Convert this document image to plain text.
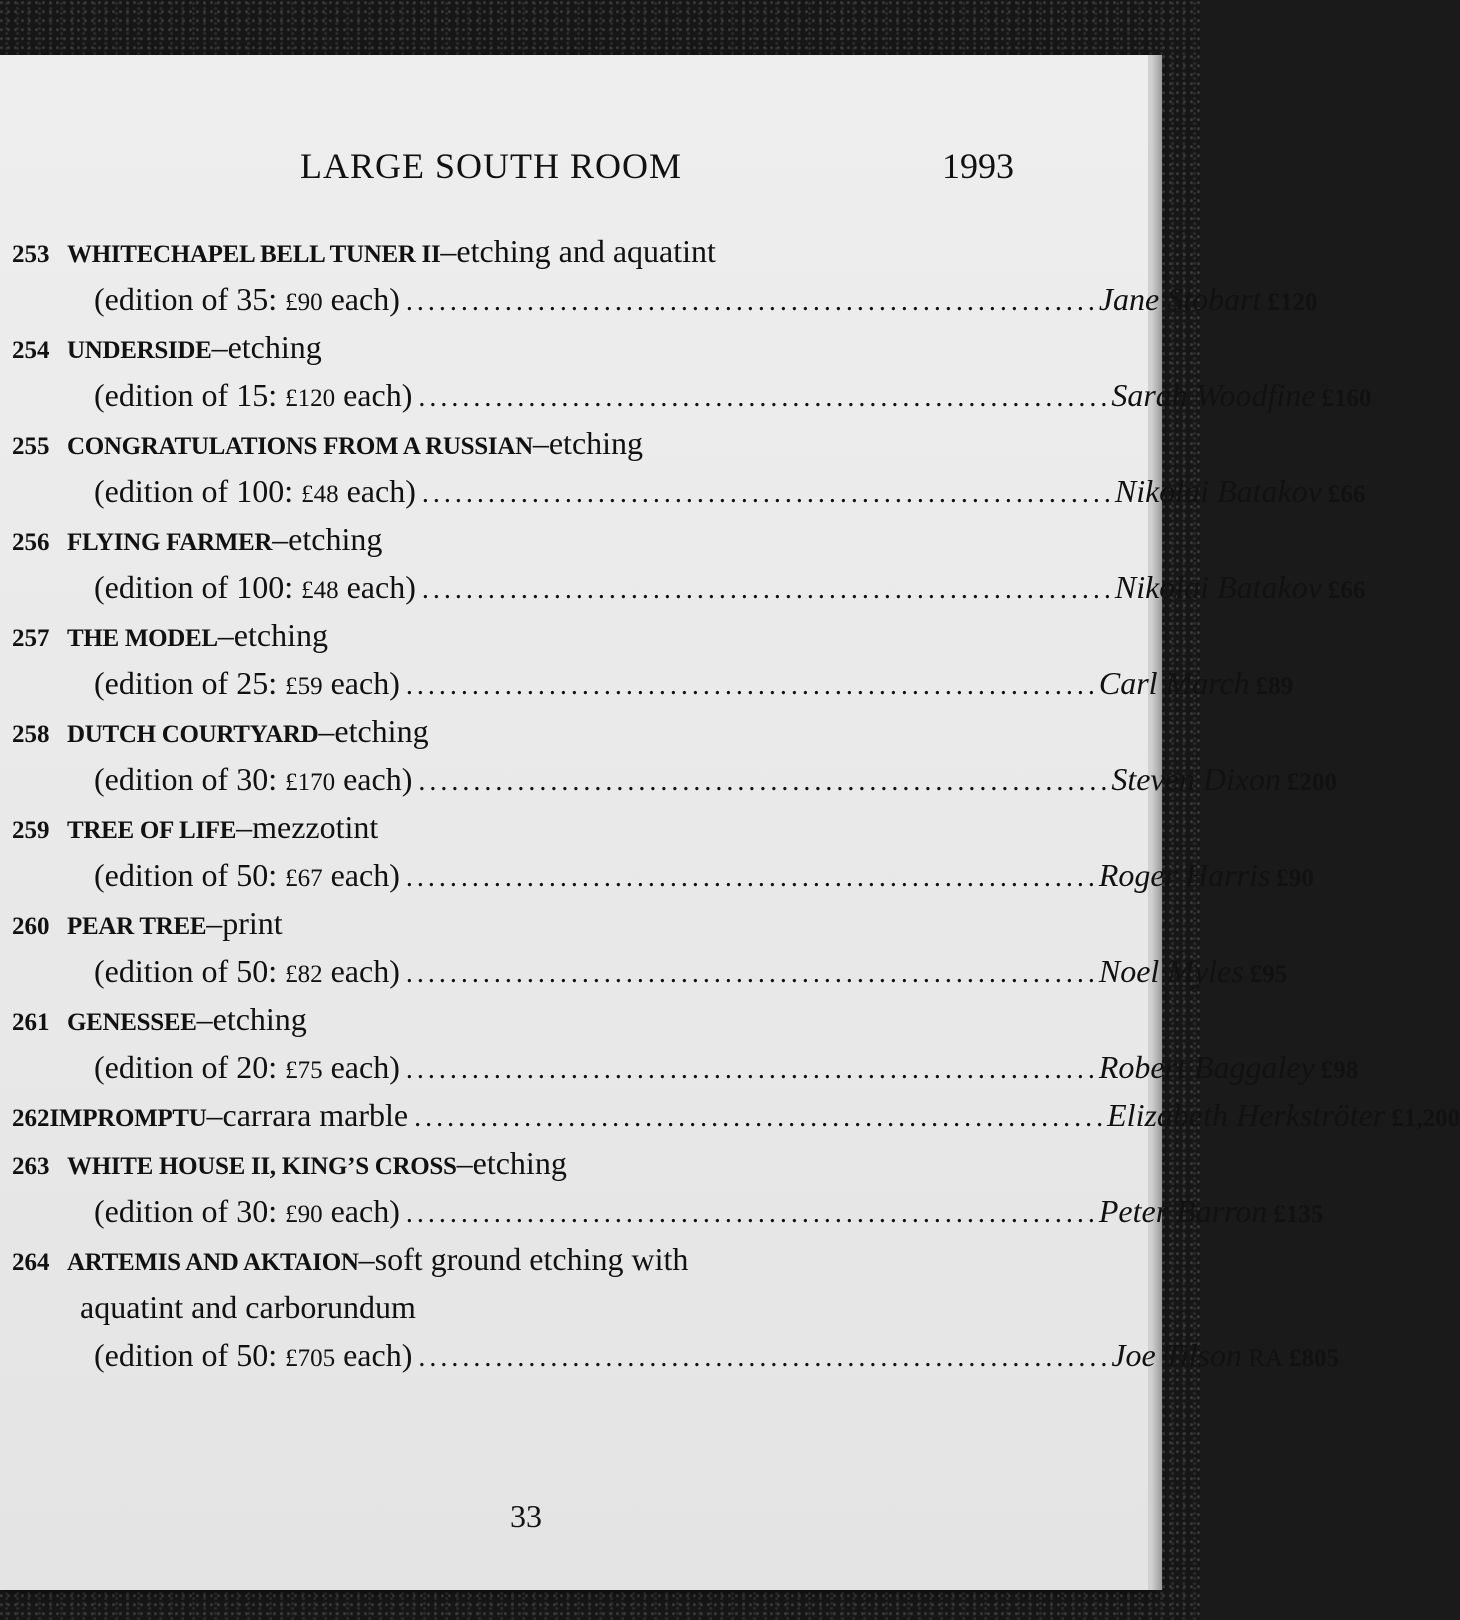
LARGE SOUTH ROOM	1993
253 WHITECHAPEL BELL TUNER II–etching and aquatint
(edition of 35: £90 each) ............................................................... Jane Stobart £120
254 UNDERSIDE–etching
(edition of 15: £120 each) ............................................................... Sarah Woodfine £160
255 CONGRATULATIONS FROM A RUSSIAN–etching
(edition of 100: £48 each) ............................................................... Nikolai Batakov £66
256 FLYING FARMER–etching
(edition of 100: £48 each) ............................................................... Nikolai Batakov £66
257 THE MODEL–etching
(edition of 25: £59 each) ............................................................... Carl March £89
258 DUTCH COURTYARD–etching
(edition of 30: £170 each) ............................................................... Steven Dixon £200
259 TREE OF LIFE–mezzotint
(edition of 50: £67 each) ............................................................... Roger Harris £90
260 PEAR TREE–print
(edition of 50: £82 each) ............................................................... Noel Myles £95
261 GENESSEE–etching
(edition of 20: £75 each) ............................................................... Robert Baggaley £98
262 IMPROMPTU –carrara marble ............................................................... Elizabeth Herkströter £1,200
263 WHITE HOUSE II, KING’S CROSS–etching
(edition of 30: £90 each) ............................................................... Peter Barron £135
264 ARTEMIS AND AKTAION–soft ground etching with
aquatint and carborundum
(edition of 50: £705 each) ............................................................... Joe Tilson RA £805
33
